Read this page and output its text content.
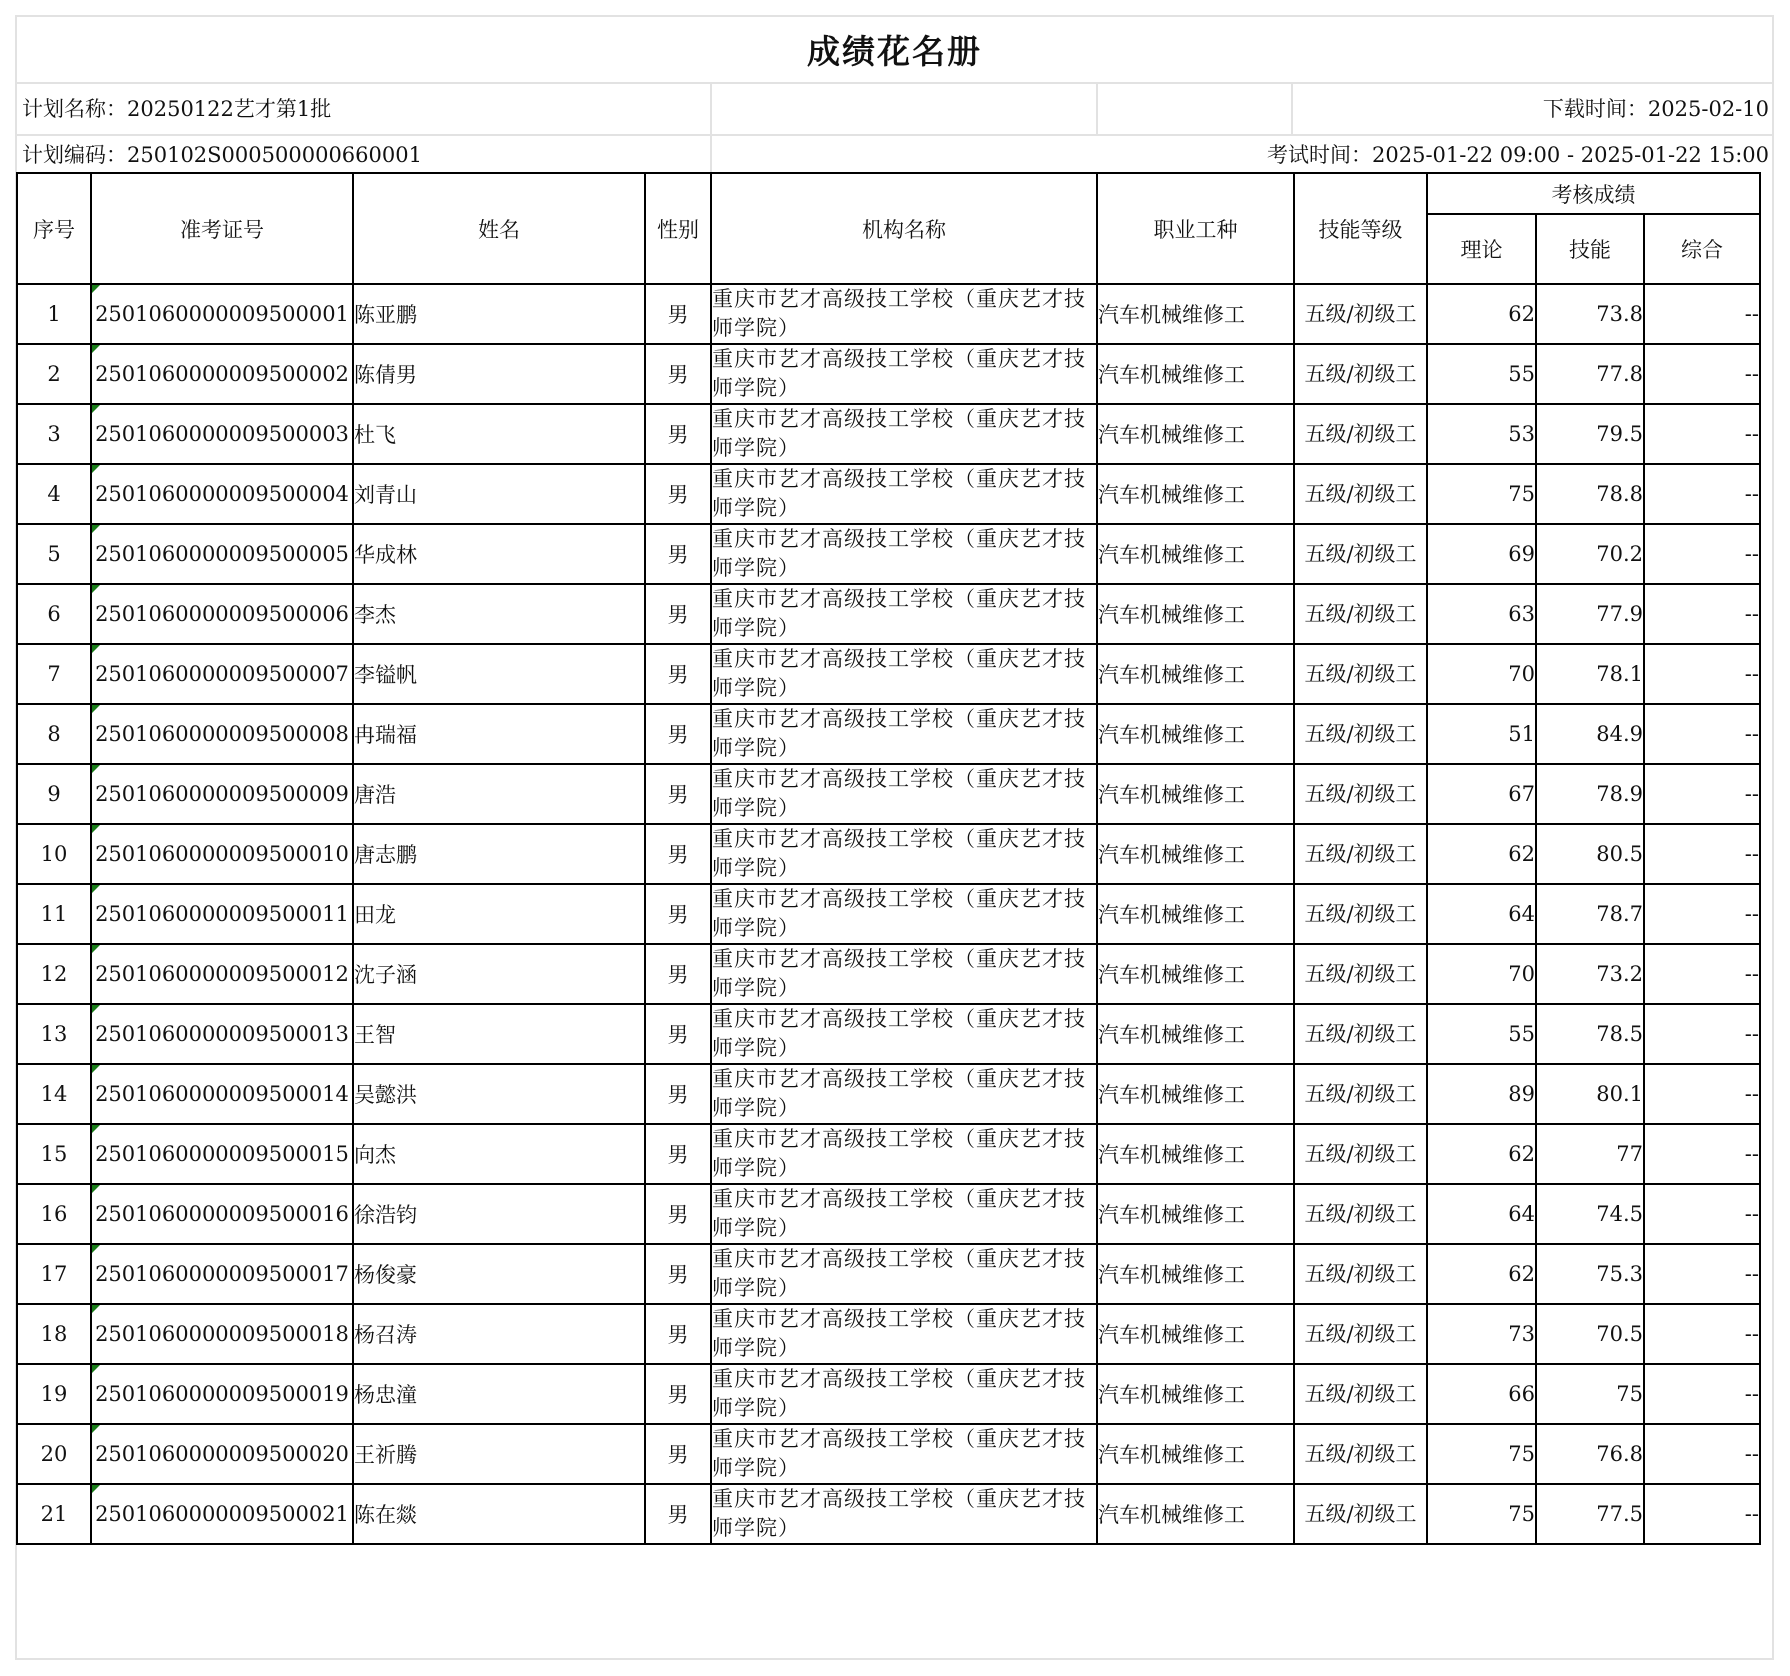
成绩花名册
计划名称：20250122艺才第1批	下载时间：2025-02-10
计划编码：250102S000500000660001	考试时间：2025-01-22 09:00 - 2025-01-22 15:00
序号	准考证号	姓名	性别	机构名称	职业工种	技能等级	考核成绩		
							理论	技能	综合
1	2501060000009500001	陈亚鹏	男	重庆市艺才高级技工学校（重庆艺才技师学院）	汽车机械维修工	五级/初级工	62	73.8	--
2	2501060000009500002	陈倩男	男	重庆市艺才高级技工学校（重庆艺才技师学院）	汽车机械维修工	五级/初级工	55	77.8	--
3	2501060000009500003	杜飞	男	重庆市艺才高级技工学校（重庆艺才技师学院）	汽车机械维修工	五级/初级工	53	79.5	--
4	2501060000009500004	刘青山	男	重庆市艺才高级技工学校（重庆艺才技师学院）	汽车机械维修工	五级/初级工	75	78.8	--
5	2501060000009500005	华成林	男	重庆市艺才高级技工学校（重庆艺才技师学院）	汽车机械维修工	五级/初级工	69	70.2	--
6	2501060000009500006	李杰	男	重庆市艺才高级技工学校（重庆艺才技师学院）	汽车机械维修工	五级/初级工	63	77.9	--
7	2501060000009500007	李镒帆	男	重庆市艺才高级技工学校（重庆艺才技师学院）	汽车机械维修工	五级/初级工	70	78.1	--
8	2501060000009500008	冉瑞福	男	重庆市艺才高级技工学校（重庆艺才技师学院）	汽车机械维修工	五级/初级工	51	84.9	--
9	2501060000009500009	唐浩	男	重庆市艺才高级技工学校（重庆艺才技师学院）	汽车机械维修工	五级/初级工	67	78.9	--
10	2501060000009500010	唐志鹏	男	重庆市艺才高级技工学校（重庆艺才技师学院）	汽车机械维修工	五级/初级工	62	80.5	--
11	2501060000009500011	田龙	男	重庆市艺才高级技工学校（重庆艺才技师学院）	汽车机械维修工	五级/初级工	64	78.7	--
12	2501060000009500012	沈子涵	男	重庆市艺才高级技工学校（重庆艺才技师学院）	汽车机械维修工	五级/初级工	70	73.2	--
13	2501060000009500013	王智	男	重庆市艺才高级技工学校（重庆艺才技师学院）	汽车机械维修工	五级/初级工	55	78.5	--
14	2501060000009500014	吴懿洪	男	重庆市艺才高级技工学校（重庆艺才技师学院）	汽车机械维修工	五级/初级工	89	80.1	--
15	2501060000009500015	向杰	男	重庆市艺才高级技工学校（重庆艺才技师学院）	汽车机械维修工	五级/初级工	62	77	--
16	2501060000009500016	徐浩钧	男	重庆市艺才高级技工学校（重庆艺才技师学院）	汽车机械维修工	五级/初级工	64	74.5	--
17	2501060000009500017	杨俊豪	男	重庆市艺才高级技工学校（重庆艺才技师学院）	汽车机械维修工	五级/初级工	62	75.3	--
18	2501060000009500018	杨召涛	男	重庆市艺才高级技工学校（重庆艺才技师学院）	汽车机械维修工	五级/初级工	73	70.5	--
19	2501060000009500019	杨忠潼	男	重庆市艺才高级技工学校（重庆艺才技师学院）	汽车机械维修工	五级/初级工	66	75	--
20	2501060000009500020	王祈腾	男	重庆市艺才高级技工学校（重庆艺才技师学院）	汽车机械维修工	五级/初级工	75	76.8	--
21	2501060000009500021	陈在燚	男	重庆市艺才高级技工学校（重庆艺才技师学院）	汽车机械维修工	五级/初级工	75	77.5	--
